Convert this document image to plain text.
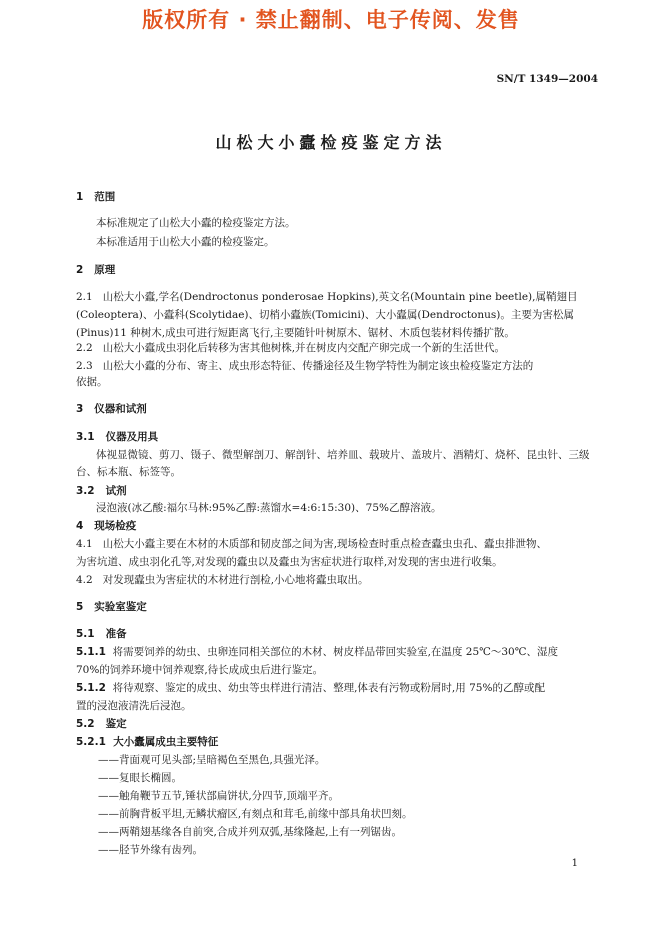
版权所有 · 禁止翻制、电子传阅、发售
SN/T 1349—2004
山松大小蠹检疫鉴定方法
1 范围
本标准规定了山松大小蠹的检疫鉴定方法。
本标准适用于山松大小蠹的检疫鉴定。
2 原理
2.1 山松大小蠹,学名(Dendroctonus ponderosae Hopkins),英文名(Mountain pine beetle),属鞘翅目
(Coleoptera)、小蠹科(Scolytidae)、切梢小蠹族(Tomicini)、大小蠹属(Dendroctonus)。主要为害松属
(Pinus)11 种树木,成虫可进行短距离飞行,主要随针叶树原木、锯材、木质包装材料传播扩散。
2.2 山松大小蠹成虫羽化后转移为害其他树株,并在树皮内交配产卵完成一个新的生活世代。
2.3 山松大小蠹的分布、寄主、成虫形态特征、传播途径及生物学特性为制定该虫检疫鉴定方法的
依据。
3 仪器和试剂
3.1 仪器及用具
体视显微镜、剪刀、镊子、微型解剖刀、解剖针、培养皿、载玻片、盖玻片、酒精灯、烧杯、昆虫针、三级
台、标本瓶、标签等。
3.2 试剂
浸泡液(冰乙酸:福尔马林:95%乙醇:蒸馏水=4:6:15:30)、75%乙醇溶液。
4 现场检疫
4.1 山松大小蠹主要在木材的木质部和韧皮部之间为害,现场检查时重点检查蠹虫虫孔、蠹虫排泄物、
为害坑道、成虫羽化孔等,对发现的蠹虫以及蠹虫为害症状进行取样,对发现的害虫进行收集。
4.2 对发现蠹虫为害症状的木材进行剖检,小心地将蠹虫取出。
5 实验室鉴定
5.1 准备
5.1.1 将需要饲养的幼虫、虫卵连同相关部位的木材、树皮样品带回实验室,在温度 25℃～30℃、湿度
70%的饲养环境中饲养观察,待长成成虫后进行鉴定。
5.1.2 将待观察、鉴定的成虫、幼虫等虫样进行清洁、整理,体表有污物或粉屑时,用 75%的乙醇或配
置的浸泡液清洗后浸泡。
5.2 鉴定
5.2.1 大小蠹属成虫主要特征
——背面观可见头部;呈暗褐色至黑色,具强光泽。
——复眼长椭圆。
——触角鞭节五节,锤状部扁饼状,分四节,顶端平齐。
——前胸背板平坦,无鳞状瘤区,有刻点和茸毛,前缘中部具角状凹刻。
——两鞘翅基缘各自前突,合成并列双弧,基缘隆起,上有一列锯齿。
——胫节外缘有齿列。
1
